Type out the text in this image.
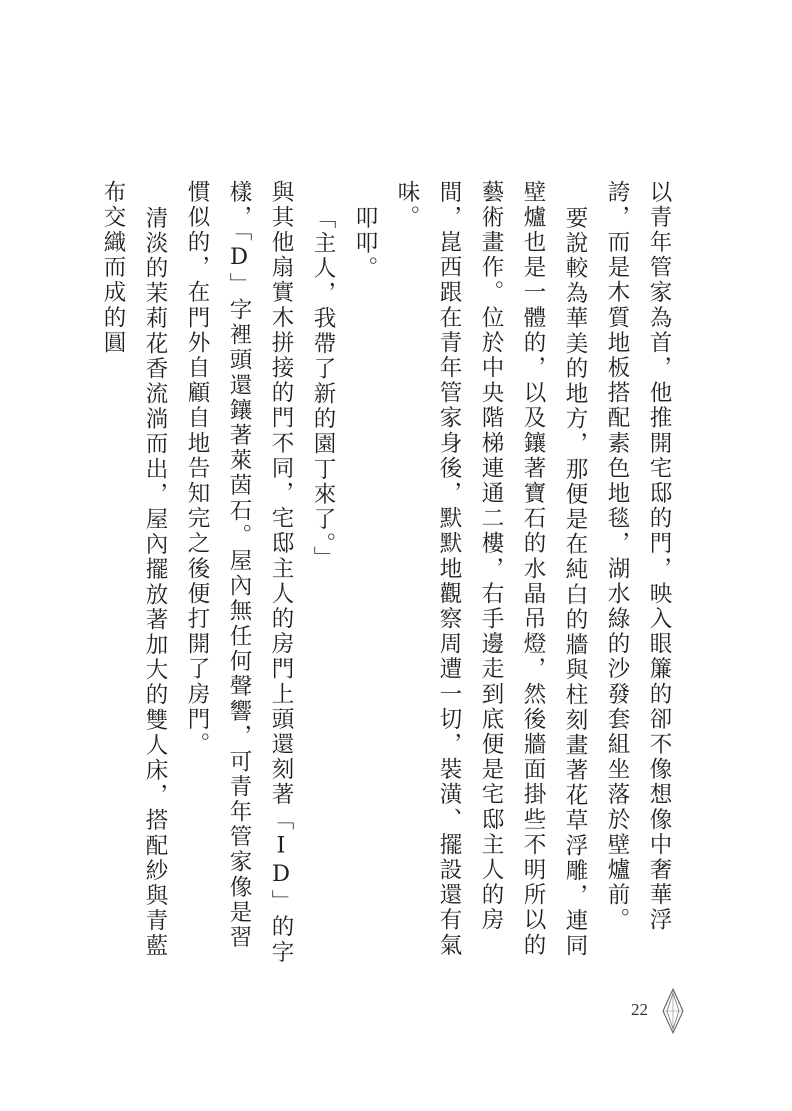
以青年管家為首，他推開宅邸的門，映入眼簾的卻不像想像中奢華浮誇，而是木質地板搭配素色地毯，湖水綠的沙發套組坐落於壁爐前。

要說較為華美的地方，那便是在純白的牆與柱刻畫著花草浮雕，連同壁爐也是一體的，以及鑲著寶石的水晶吊燈，然後牆面掛些不明所以的藝術畫作。位於中央階梯連通二樓，右手邊走到底便是宅邸主人的房間，崑西跟在青年管家身後，默默地觀察周遭一切，裝潢、擺設還有氣味。

叩叩。

「主人，我帶了新的園丁來了。」

與其他扇實木拼接的門不同，宅邸主人的房門上頭還刻著「ID」的字樣，「D」字裡頭還鑲著萊茵石。屋內無任何聲響，可青年管家像是習慣似的，在門外自顧自地告知完之後便打開了房門。

清淡的茉莉花香流淌而出，屋內擺放著加大的雙人床，搭配紗與青藍布交織而成的圓

22
